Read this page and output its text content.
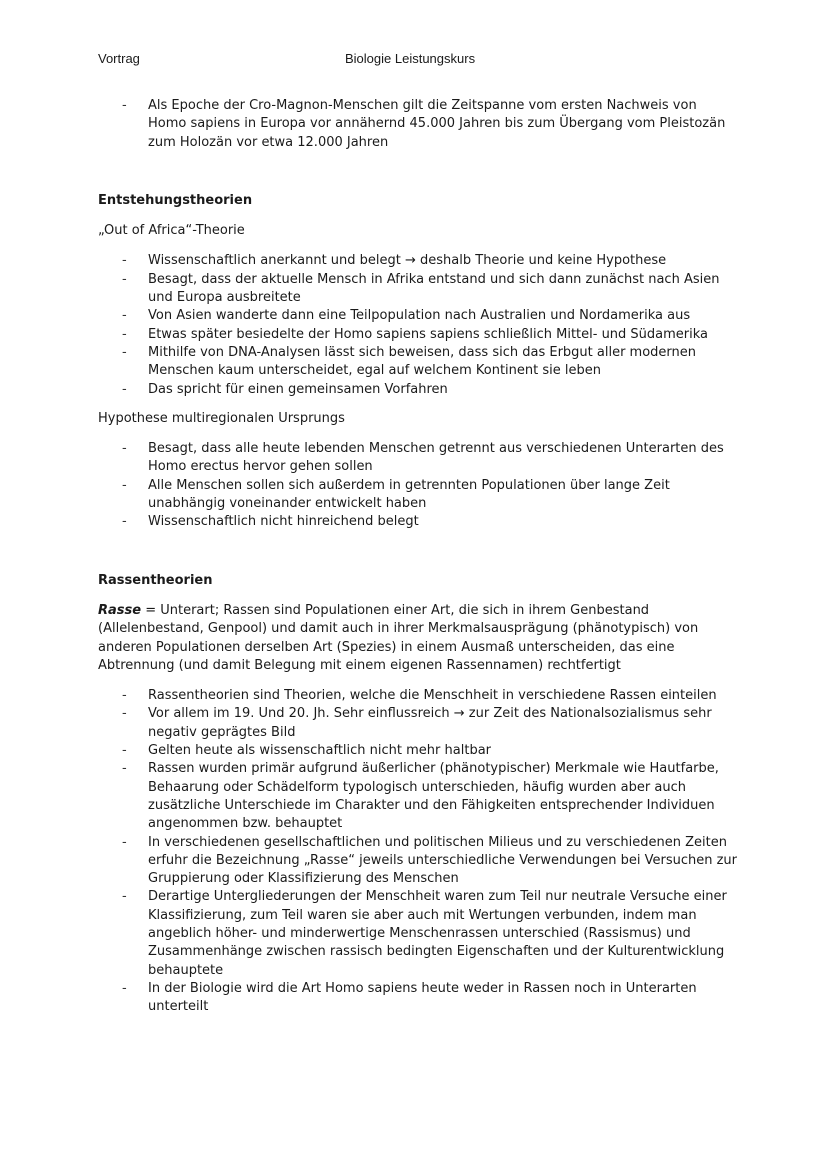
Vortrag	Biologie Leistungskurs
- Als Epoche der Cro-Magnon-Menschen gilt die Zeitspanne vom ersten Nachweis von Homo sapiens in Europa vor annähernd 45.000 Jahren bis zum Übergang vom Pleistozän zum Holozän vor etwa 12.000 Jahren

Entstehungstheorien

„Out of Africa“-Theorie

- Wissenschaftlich anerkannt und belegt → deshalb Theorie und keine Hypothese
- Besagt, dass der aktuelle Mensch in Afrika entstand und sich dann zunächst nach Asien und Europa ausbreitete
- Von Asien wanderte dann eine Teilpopulation nach Australien und Nordamerika aus
- Etwas später besiedelte der Homo sapiens sapiens schließlich Mittel- und Südamerika
- Mithilfe von DNA-Analysen lässt sich beweisen, dass sich das Erbgut aller modernen Menschen kaum unterscheidet, egal auf welchem Kontinent sie leben
- Das spricht für einen gemeinsamen Vorfahren

Hypothese multiregionalen Ursprungs

- Besagt, dass alle heute lebenden Menschen getrennt aus verschiedenen Unterarten des Homo erectus hervor gehen sollen
- Alle Menschen sollen sich außerdem in getrennten Populationen über lange Zeit unabhängig voneinander entwickelt haben
- Wissenschaftlich nicht hinreichend belegt

Rassentheorien

Rasse = Unterart; Rassen sind Populationen einer Art, die sich in ihrem Genbestand (Allelenbestand, Genpool) und damit auch in ihrer Merkmalsausprägung (phänotypisch) von anderen Populationen derselben Art (Spezies) in einem Ausmaß unterscheiden, das eine Abtrennung (und damit Belegung mit einem eigenen Rassennamen) rechtfertigt

- Rassentheorien sind Theorien, welche die Menschheit in verschiedene Rassen einteilen
- Vor allem im 19. Und 20. Jh. Sehr einflussreich → zur Zeit des Nationalsozialismus sehr negativ geprägtes Bild
- Gelten heute als wissenschaftlich nicht mehr haltbar
- Rassen wurden primär aufgrund äußerlicher (phänotypischer) Merkmale wie Hautfarbe, Behaarung oder Schädelform typologisch unterschieden, häufig wurden aber auch zusätzliche Unterschiede im Charakter und den Fähigkeiten entsprechender Individuen angenommen bzw. behauptet
- In verschiedenen gesellschaftlichen und politischen Milieus und zu verschiedenen Zeiten erfuhr die Bezeichnung „Rasse“ jeweils unterschiedliche Verwendungen bei Versuchen zur Gruppierung oder Klassifizierung des Menschen
- Derartige Untergliederungen der Menschheit waren zum Teil nur neutrale Versuche einer Klassifizierung, zum Teil waren sie aber auch mit Wertungen verbunden, indem man angeblich höher- und minderwertige Menschenrassen unterschied (Rassismus) und Zusammenhänge zwischen rassisch bedingten Eigenschaften und der Kulturentwicklung behauptete
- In der Biologie wird die Art Homo sapiens heute weder in Rassen noch in Unterarten unterteilt
